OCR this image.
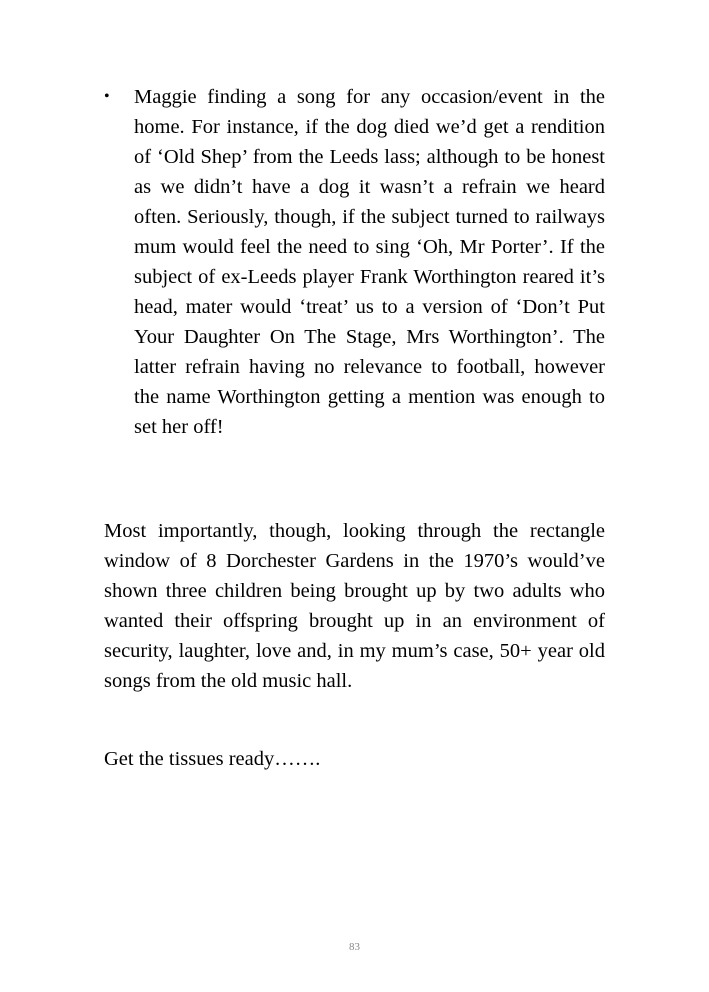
• Maggie finding a song for any occasion/event in the home. For instance, if the dog died we’d get a rendition of ‘Old Shep’ from the Leeds lass; although to be honest as we didn’t have a dog it wasn’t a refrain we heard often. Seriously, though, if the subject turned to railways mum would feel the need to sing ‘Oh, Mr Porter’. If the subject of ex-Leeds player Frank Worthington reared it’s head, mater would ‘treat’ us to a version of ‘Don’t Put Your Daughter On The Stage, Mrs Worthington’. The latter refrain having no relevance to football, however the name Worthington getting a mention was enough to set her off!

Most importantly, though, looking through the rectangle window of 8 Dorchester Gardens in the 1970’s would’ve shown three children being brought up by two adults who wanted their offspring brought up in an environment of security, laughter, love and, in my mum’s case, 50+ year old songs from the old music hall.

Get the tissues ready…….

83
